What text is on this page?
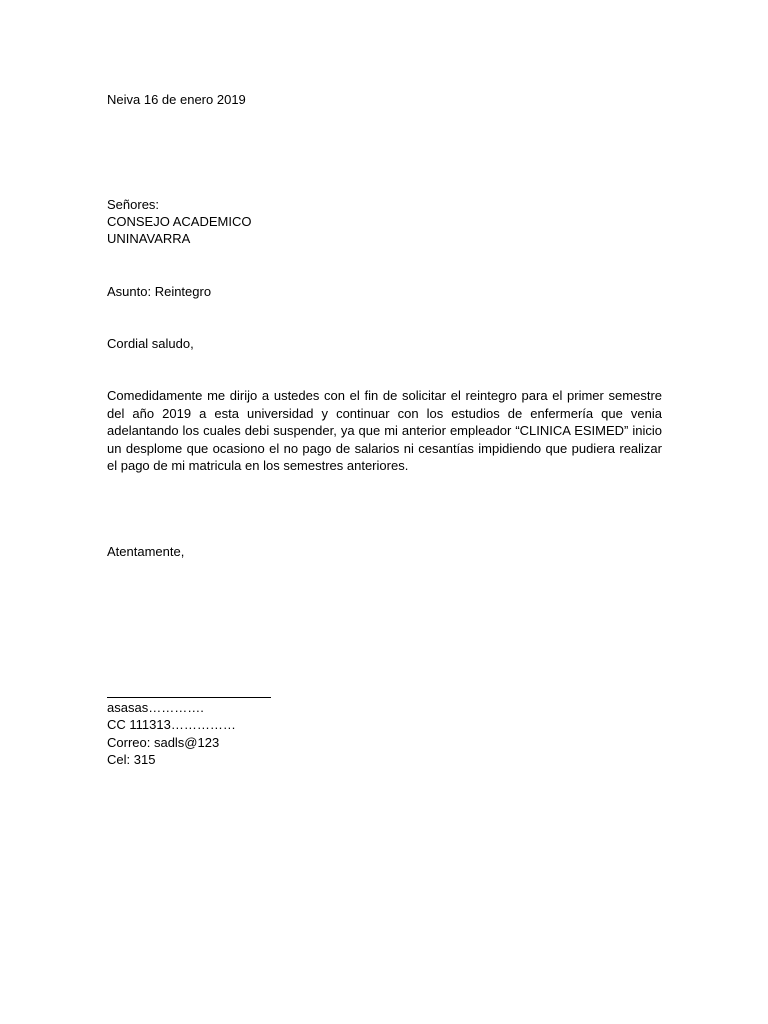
Neiva 16 de enero 2019
Señores:
CONSEJO ACADEMICO
UNINAVARRA
Asunto: Reintegro
Cordial saludo,
Comedidamente me dirijo a ustedes con el fin de solicitar el reintegro para el primer semestre del año 2019 a esta universidad y continuar con los estudios de enfermería que venia adelantando los cuales debi suspender, ya que mi anterior empleador “CLINICA ESIMED” inicio un desplome que ocasiono el no pago de salarios ni cesantías impidiendo que pudiera realizar el pago de mi matricula en los semestres anteriores.
Atentamente,
asasas………….
CC 111313……………
Correo: sadls@123
Cel: 315
